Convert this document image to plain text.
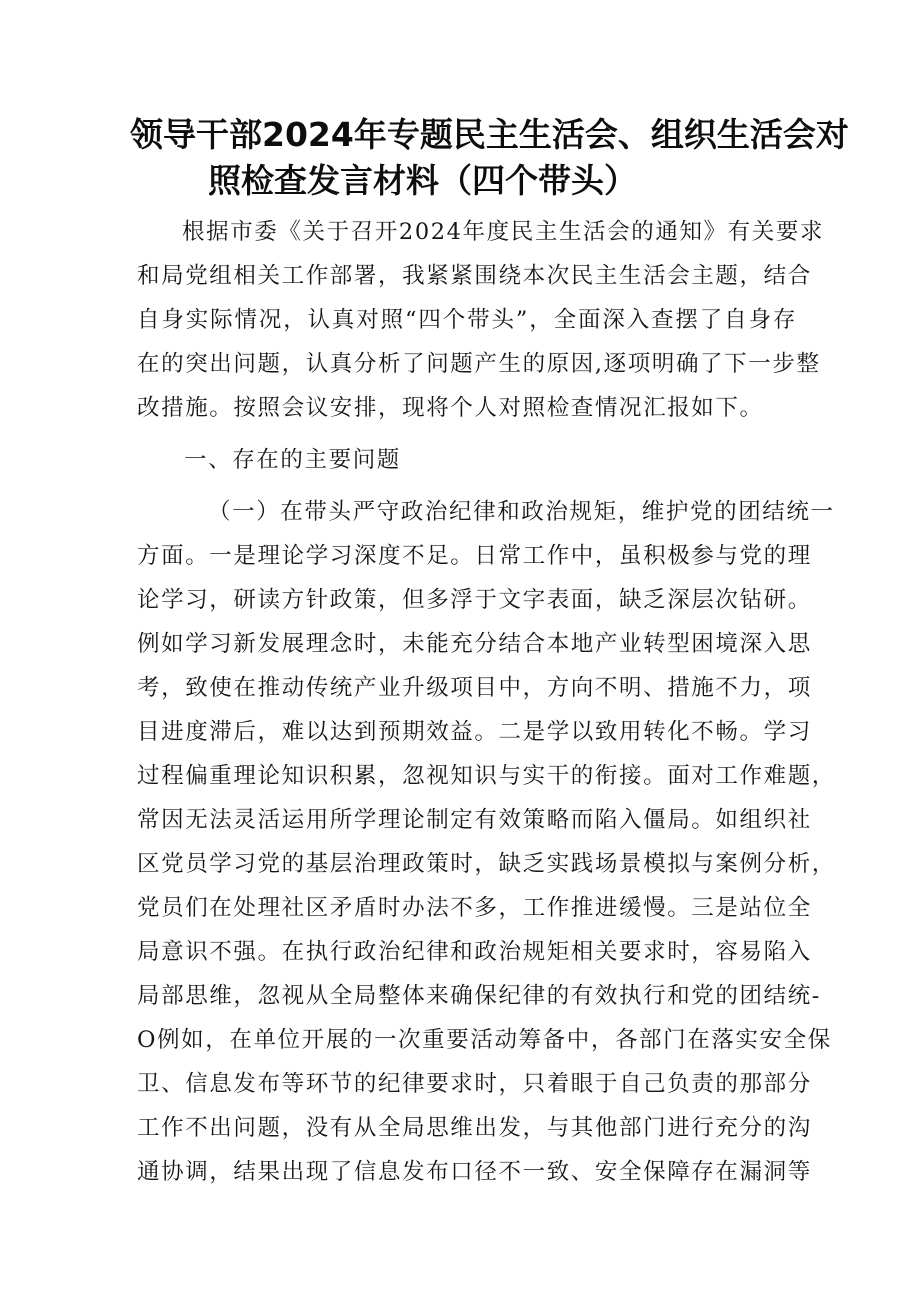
领导干部2024年专题民主生活会、组织生活会对
照检查发言材料（四个带头）
根据市委《关于召开2024年度民主生活会的通知》有关要求
和局党组相关工作部署，我紧紧围绕本次民主生活会主题，结合
自身实际情况，认真对照“四个带头”，全面深入查摆了自身存
在的突出问题，认真分析了问题产生的原因,逐项明确了下一步整
改措施。按照会议安排，现将个人对照检查情况汇报如下。
一、存在的主要问题
（一）在带头严守政治纪律和政治规矩，维护党的团结统一
方面。一是理论学习深度不足。日常工作中，虽积极参与党的理
论学习，研读方针政策，但多浮于文字表面，缺乏深层次钻研。
例如学习新发展理念时，未能充分结合本地产业转型困境深入思
考，致使在推动传统产业升级项目中，方向不明、措施不力，项
目进度滞后，难以达到预期效益。二是学以致用转化不畅。学习
过程偏重理论知识积累，忽视知识与实干的衔接。面对工作难题，
常因无法灵活运用所学理论制定有效策略而陷入僵局。如组织社
区党员学习党的基层治理政策时，缺乏实践场景模拟与案例分析，
党员们在处理社区矛盾时办法不多，工作推进缓慢。三是站位全
局意识不强。在执行政治纪律和政治规矩相关要求时，容易陷入
局部思维，忽视从全局整体来确保纪律的有效执行和党的团结统-
O例如，在单位开展的一次重要活动筹备中，各部门在落实安全保
卫、信息发布等环节的纪律要求时，只着眼于自己负责的那部分
工作不出问题，没有从全局思维出发，与其他部门进行充分的沟
通协调，结果出现了信息发布口径不一致、安全保障存在漏洞等
